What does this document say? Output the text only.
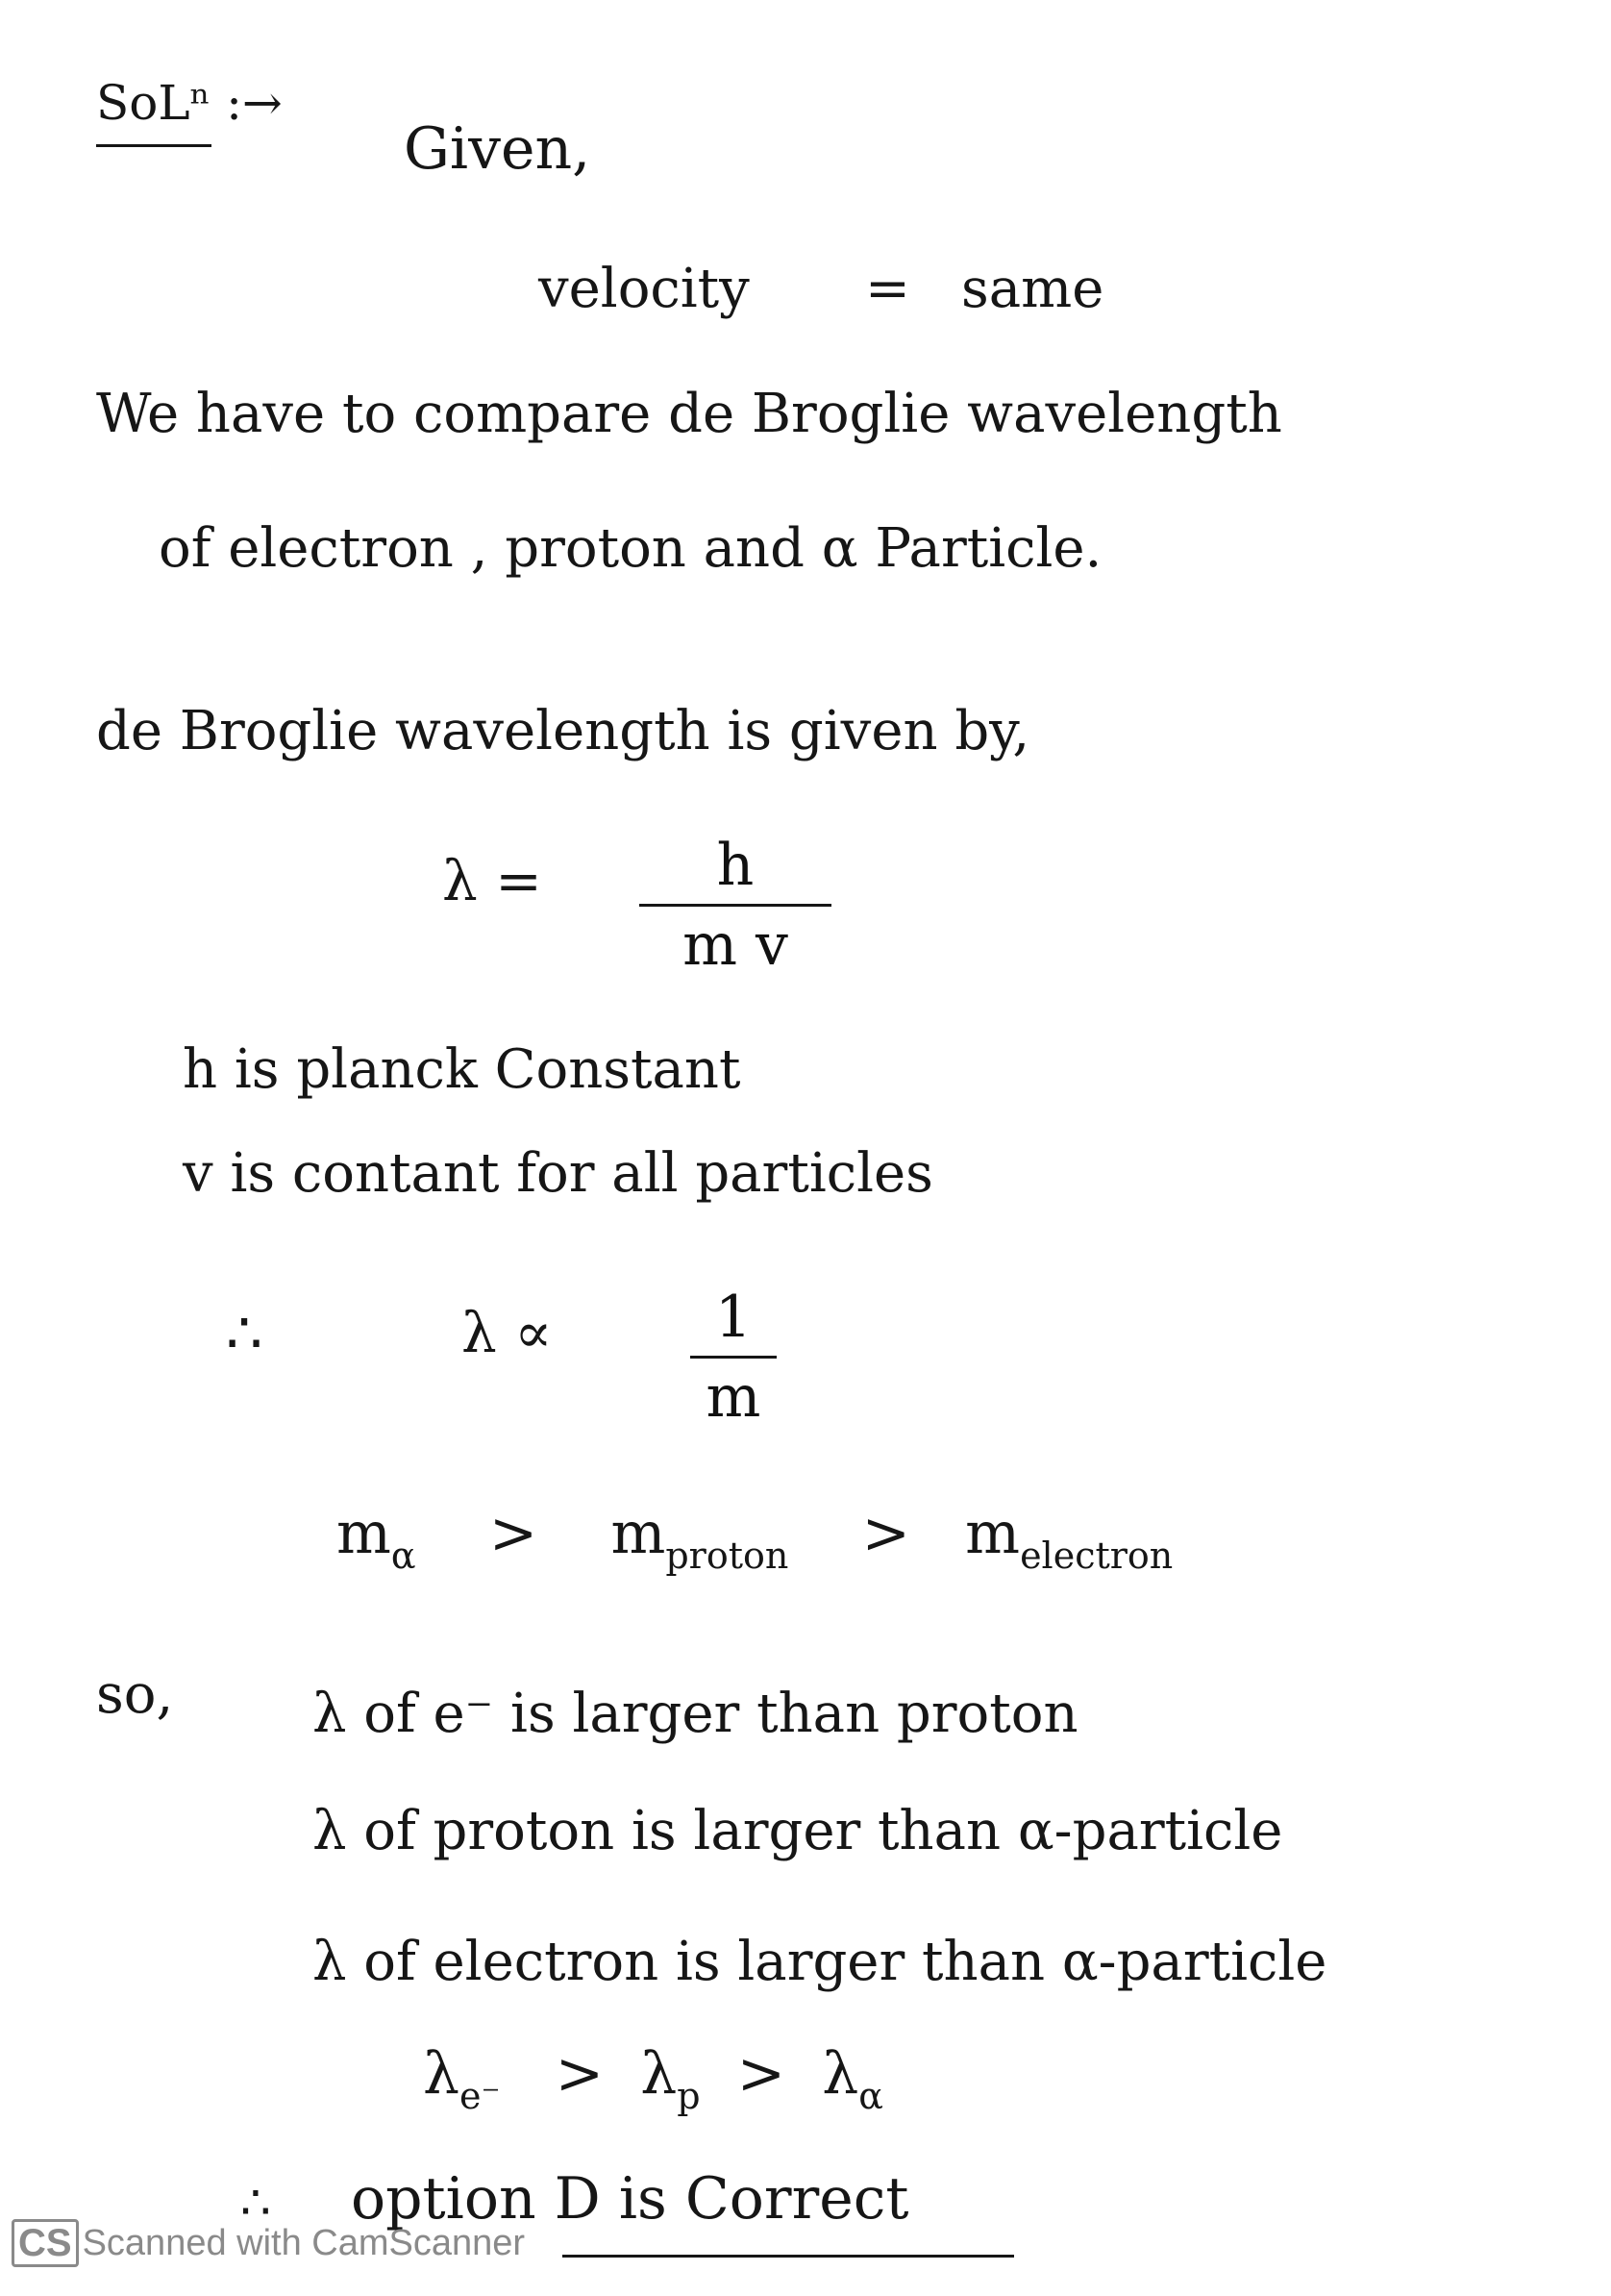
SoLⁿ :→
Given,
velocity = same
We have to compare de Broglie wavelength
of electron , proton and α Particle.
de Broglie wavelength is given by,
λ =	h
m v
h is planck Constant
v is contant for all particles
∴	λ ∝	1
m
$m_\alpha > m_{proton} > m_{electron}$
so,	λ of e⁻ is larger than proton
λ of proton is larger than α-particle
λ of electron is larger than α-particle
$\lambda_{e^-} > \lambda_p > \lambda_\alpha$
∴ option D is Correct
CS Scanned with CamScanner
